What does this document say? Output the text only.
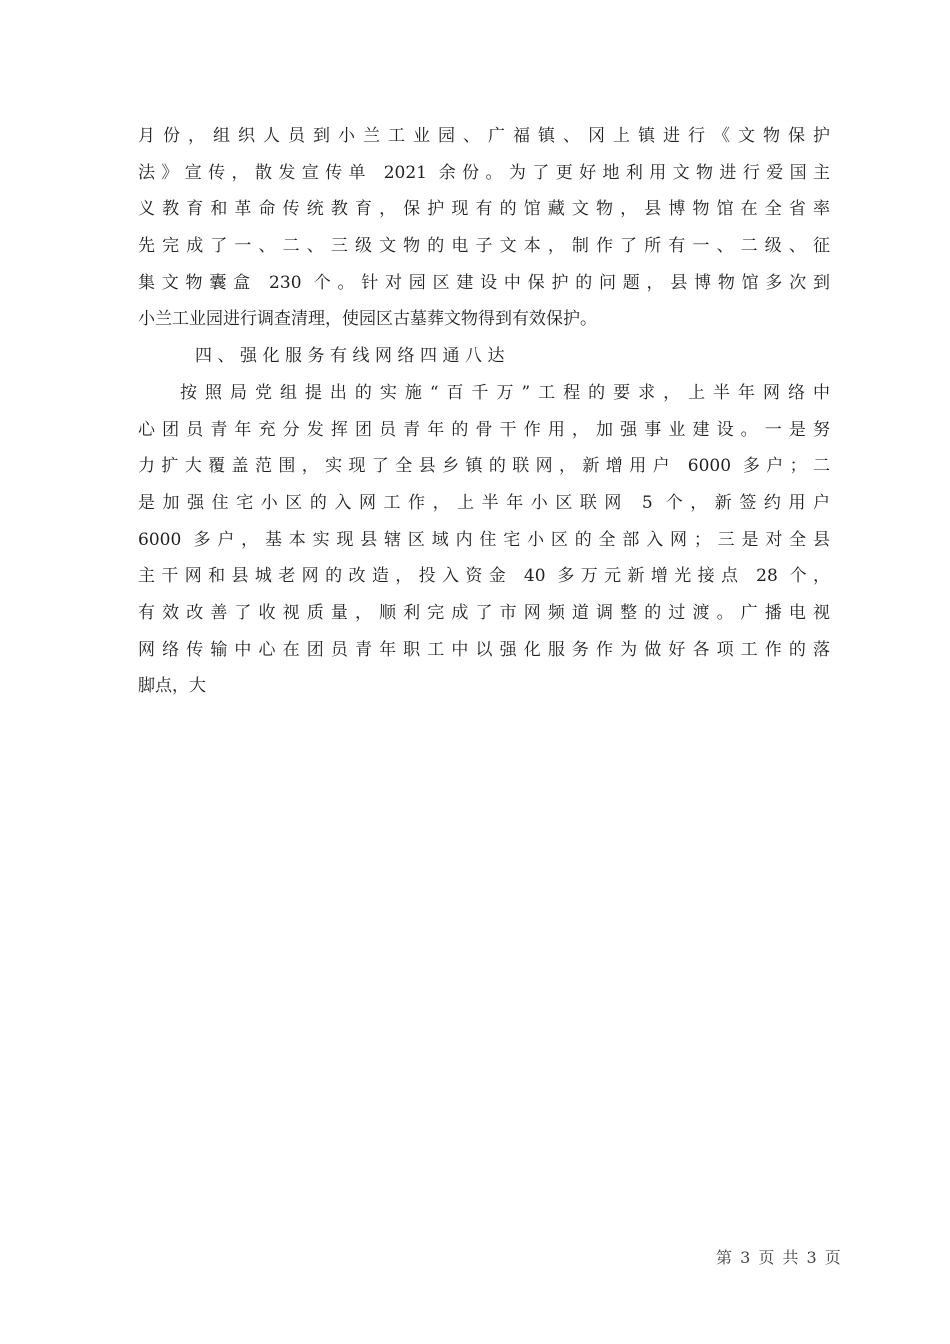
月份，组织人员到小兰工业园、广福镇、冈上镇进行《文物保护
法》宣传，散发宣传单 2021 余份。为了更好地利用文物进行爱国主
义教育和革命传统教育，保护现有的馆藏文物，县博物馆在全省率
先完成了一、二、三级文物的电子文本，制作了所有一、二级、征
集文物囊盒 230 个。针对园区建设中保护的问题，县博物馆多次到
小兰工业园进行调查清理，使园区古墓葬文物得到有效保护。
四、强化服务有线网络四通八达
按照局党组提出的实施“百千万”工程的要求，上半年网络中
心团员青年充分发挥团员青年的骨干作用，加强事业建设。一是努
力扩大覆盖范围，实现了全县乡镇的联网，新增用户 6000 多户；二
是加强住宅小区的入网工作，上半年小区联网 5 个，新签约用户
6000 多户，基本实现县辖区域内住宅小区的全部入网；三是对全县
主干网和县城老网的改造，投入资金 40 多万元新增光接点 28 个，
有效改善了收视质量，顺利完成了市网频道调整的过渡。广播电视
网络传输中心在团员青年职工中以强化服务作为做好各项工作的落
脚点，大
第 3 页 共 3 页
